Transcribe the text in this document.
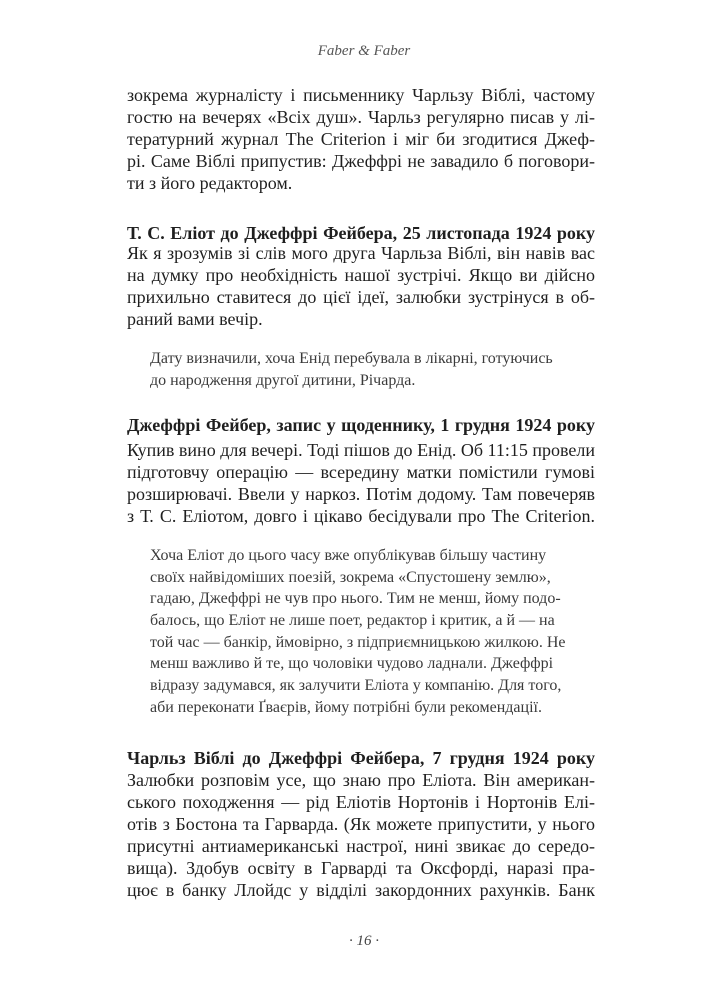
Faber & Faber
зокрема журналісту і письменнику Чарльзу Віблі, частому
гостю на вечерях «Всіх душ». Чарльз регулярно писав у лі-
тературний журнал The Criterion і міг би згодитися Джеф-
рі. Саме Віблі припустив: Джеффрі не завадило б поговори-
ти з його редактором.
Т. С. Еліот до Джеффрі Фейбера, 25 листопада 1924 року
Як я зрозумів зі слів мого друга Чарльза Віблі, він навів вас
на думку про необхідність нашої зустрічі. Якщо ви дійсно
прихильно ставитеся до цієї ідеї, залюбки зустрінуся в об-
раний вами вечір.
Дату визначили, хоча Енід перебувала в лікарні, готуючись
до народження другої дитини, Річарда.
Джеффрі Фейбер, запис у щоденнику, 1 грудня 1924 року
Купив вино для вечері. Тоді пішов до Енід. Об 11:15 провели
підготовчу операцію — всередину матки помістили гумові
розширювачі. Ввели у наркоз. Потім додому. Там повечеряв
з Т. С. Еліотом, довго і цікаво бесідували про The Criterion.
Хоча Еліот до цього часу вже опублікував більшу частину
своїх найвідоміших поезій, зокрема «Спустошену землю»,
гадаю, Джеффрі не чув про нього. Тим не менш, йому подо-
балось, що Еліот не лише поет, редактор і критик, а й — на
той час — банкір, ймовірно, з підприємницькою жилкою. Не
менш важливо й те, що чоловіки чудово ладнали. Джеффрі
відразу задумався, як залучити Еліота у компанію. Для того,
аби переконати Ґваєрів, йому потрібні були рекомендації.
Чарльз Віблі до Джеффрі Фейбера, 7 грудня 1924 року
Залюбки розповім усе, що знаю про Еліота. Він американ-
ського походження — рід Еліотів Нортонів і Нортонів Елі-
отів з Бостона та Гарварда. (Як можете припустити, у нього
присутні антиамериканські настрої, нині звикає до середо-
вища). Здобув освіту в Гарварді та Оксфорді, наразі пра-
цює в банку Ллойдс у відділі закордонних рахунків. Банк
· 16 ·
